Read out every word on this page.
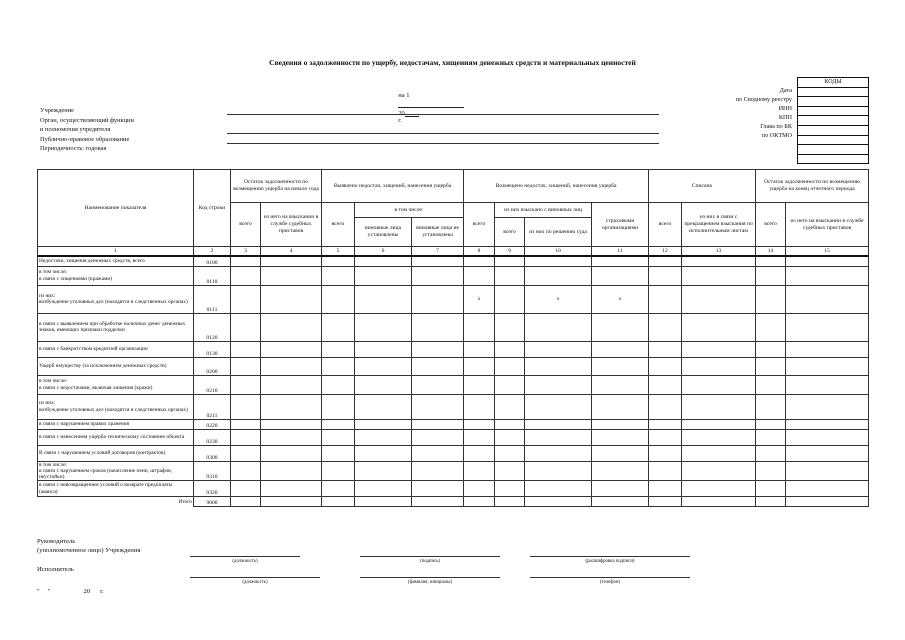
Сведения о задолженности по ущербу, недостачам, хищениям денежных средств и материальных ценностей

на 1

20
г.

Учреждение
Орган, осуществляющий функции
и полномочия учредителя
Публично-правовое образование
Периодичность: годовая
Дата
по Сводному реестру
ИНН
КПП
Глава по БК
по ОКТМО
КОДЫ
Наименование показателя	Код строки	Остаток задолженности по возмещению ущерба на начало года		Выявлено недостач, хищений, нанесения ущерба			Возмещено недостач, хищений, нанесения ущерба				Списано		Остаток задолженности по возмещению ущерба на конец отчетного периода	
		всего	из него на взыскании в службе судебных приставов	всего	в том числе:		всего	из них взыскано с виновных лиц		страховыми организациями	всего	из них в связи с прекращением взыскания по исполнительным листам	всего	из него на взыскании в службе судебных приставов
					виновные лица установлены	виновные лица не установлены		всего	из них по решению суда					
1	2	3	4	5	6	7	8	9	10	11	12	13	14	15
Недостачи, хищения денежных средств, всего	0100													
в том числе:
в связи с хищениями (кражами)	0110													
из них:
возбуждение уголовных дел (находятся в следственных органах)	0111						x		x	x				
в связи с выявлением при обработке наличных денег денежных знаков, имеющих признаки подделки	0120													
в связи с банкротством кредитной организации	0130													
Ущерб имуществу (за исключением денежных средств)	0200													
в том числе:
в связи с недостачами, включая хищения (кражи)	0210													
из них:
возбуждение уголовных дел (находятся в следственных органах)	0211													
в связи с нарушением правил хранения	0220													
в связи с нанесением ущерба техническому состоянию объекта	0230													
В связи с нарушением условий договоров (контрактов)	0300													
в том числе:
в связи с нарушением сроков (начисление пени, штрафов, неустойки)	0310													
в связи с невозвращением условий о возврате предоплаты (аванса)	0320													
Итого	9000													
Руководитель
(уполномоченное лицо) Учреждения
(должность)	(подпись)	(расшифровка подписи)
Исполнитель
(должность)	(фамилия, инициалы)	(телефон)
"     "                    20      г.
